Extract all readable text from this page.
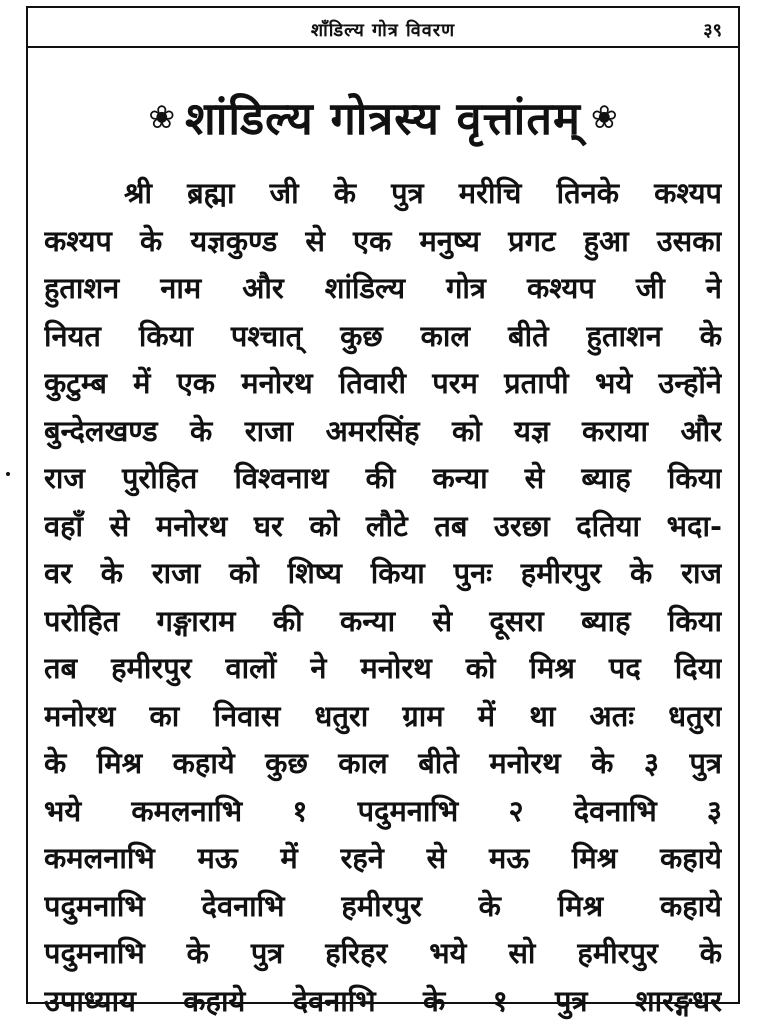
शाँडिल्य गोत्र विवरण	३९
❀ शांडिल्य गोत्रस्य वृत्तांतम् ❀
श्री ब्रह्मा जी के पुत्र मरीचि तिनके कश्यप
कश्यप के यज्ञकुण्ड से एक मनुष्य प्रगट हुआ उसका
हुताशन नाम और शांडिल्य गोत्र कश्यप जी ने
नियत किया पश्चात् कुछ काल बीते हुताशन के
कुटुम्ब में एक मनोरथ तिवारी परम प्रतापी भये उन्होंने
बुन्देलखण्ड के राजा अमरसिंह को यज्ञ कराया और
राज पुरोहित विश्वनाथ की कन्या से ब्याह किया
वहाँ से मनोरथ घर को लौटे तब उरछा दतिया भदा-
वर के राजा को शिष्य किया पुनः हमीरपुर के राज
परोहित गङ्गाराम की कन्या से दूसरा ब्याह किया
तब हमीरपुर वालों ने मनोरथ को मिश्र पद दिया
मनोरथ का निवास धतुरा ग्राम में था अतः धतुरा
के मिश्र कहाये कुछ काल बीते मनोरथ के ३ पुत्र
भये कमलनाभि १ पदुमनाभि २ देवनाभि ३
कमलनाभि मऊ में रहने से मऊ मिश्र कहाये
पदुमनाभि देवनाभि हमीरपुर के मिश्र कहाये
पदुमनाभि के पुत्र हरिहर भये सो हमीरपुर के
उपाध्याय कहाये देवनाभि के १ पुत्र शारङ्गधर
